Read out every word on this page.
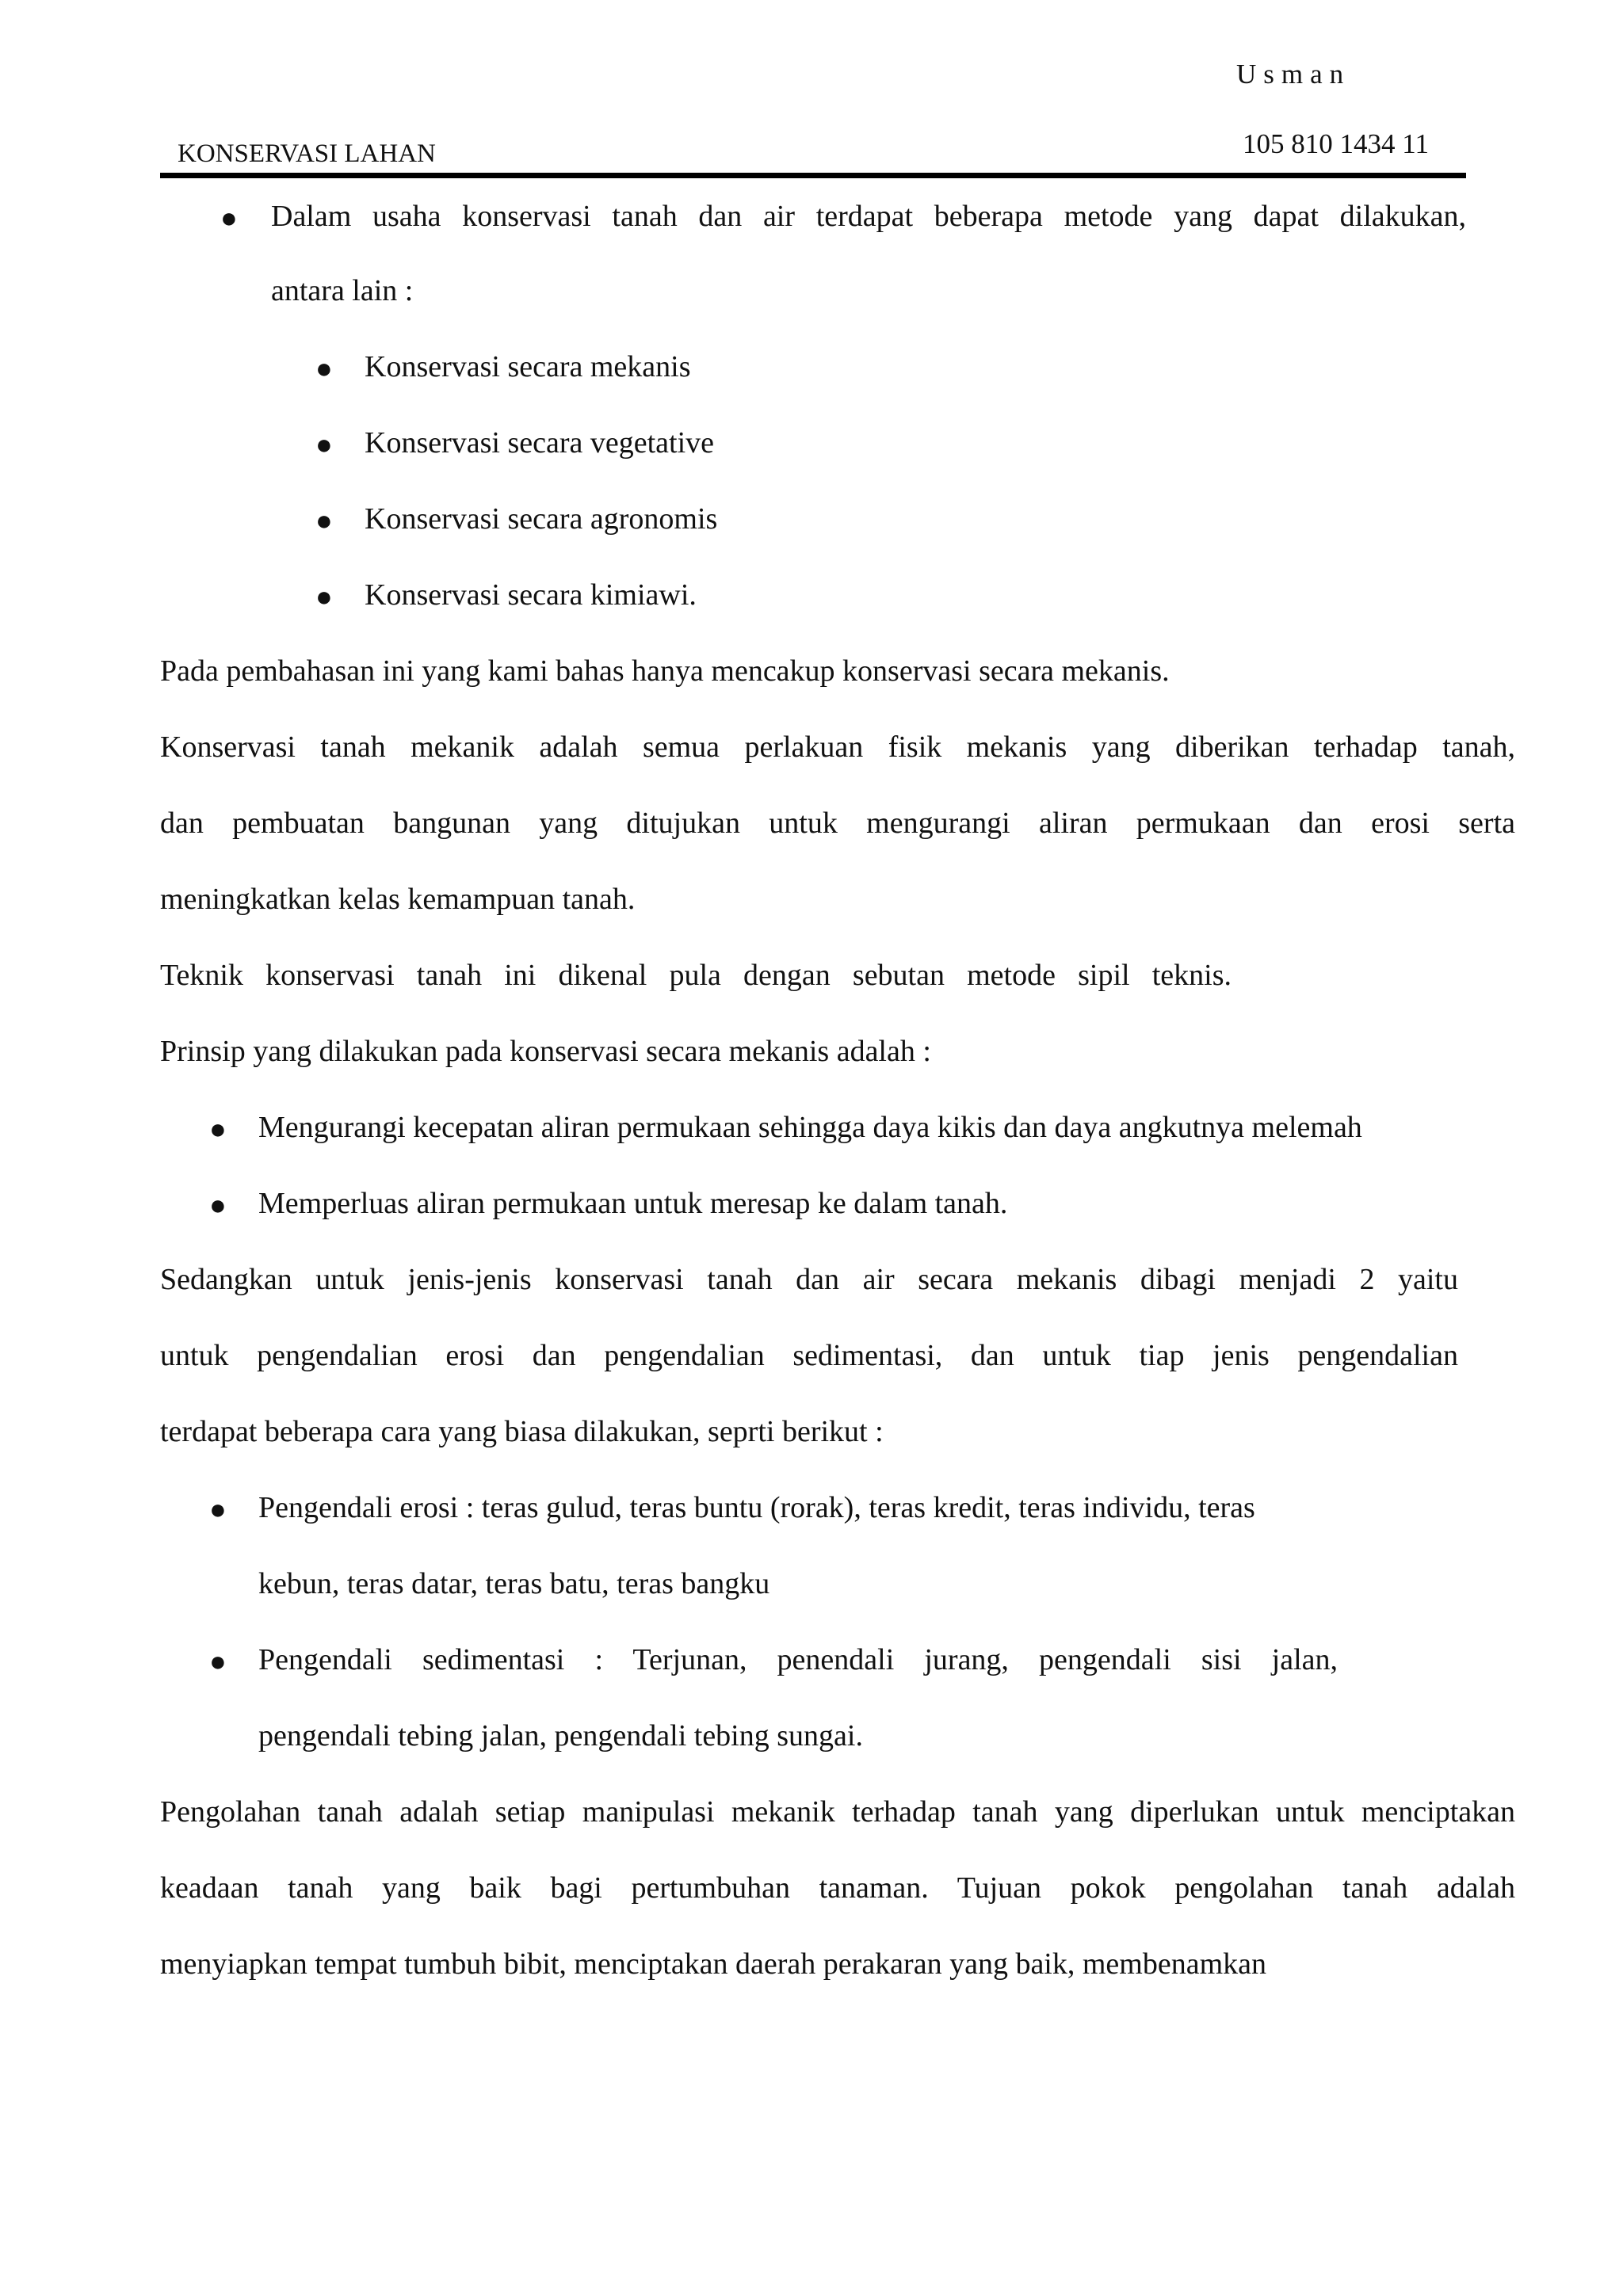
Usman
105 810 1434 11
KONSERVASI LAHAN
● Dalam usaha konservasi tanah dan air terdapat beberapa metode yang dapat dilakukan,
antara lain :
● Konservasi secara mekanis
● Konservasi secara vegetative
● Konservasi secara agronomis
● Konservasi secara kimiawi.
Pada pembahasan ini yang kami bahas hanya mencakup konservasi secara mekanis.
Konservasi tanah mekanik adalah semua perlakuan fisik mekanis yang diberikan terhadap tanah,
dan pembuatan bangunan yang ditujukan untuk mengurangi aliran permukaan dan erosi serta
meningkatkan kelas kemampuan tanah.
Teknik konservasi tanah ini dikenal pula dengan sebutan metode sipil teknis.
Prinsip yang dilakukan pada konservasi secara mekanis adalah :
● Mengurangi kecepatan aliran permukaan sehingga daya kikis dan daya angkutnya melemah
● Memperluas aliran permukaan untuk meresap ke dalam tanah.
Sedangkan untuk jenis-jenis konservasi tanah dan air secara mekanis dibagi menjadi 2 yaitu
untuk pengendalian erosi dan pengendalian sedimentasi, dan untuk tiap jenis pengendalian
terdapat beberapa cara yang biasa dilakukan, seprti berikut :
● Pengendali erosi : teras gulud, teras buntu (rorak), teras kredit, teras individu, teras
kebun, teras datar, teras batu, teras bangku
● Pengendali sedimentasi : Terjunan, penendali jurang, pengendali sisi jalan,
pengendali tebing jalan, pengendali tebing sungai.
Pengolahan tanah adalah setiap manipulasi mekanik terhadap tanah yang diperlukan untuk menciptakan
keadaan tanah yang baik bagi pertumbuhan tanaman. Tujuan pokok pengolahan tanah adalah
menyiapkan tempat tumbuh bibit, menciptakan daerah perakaran yang baik, membenamkan
